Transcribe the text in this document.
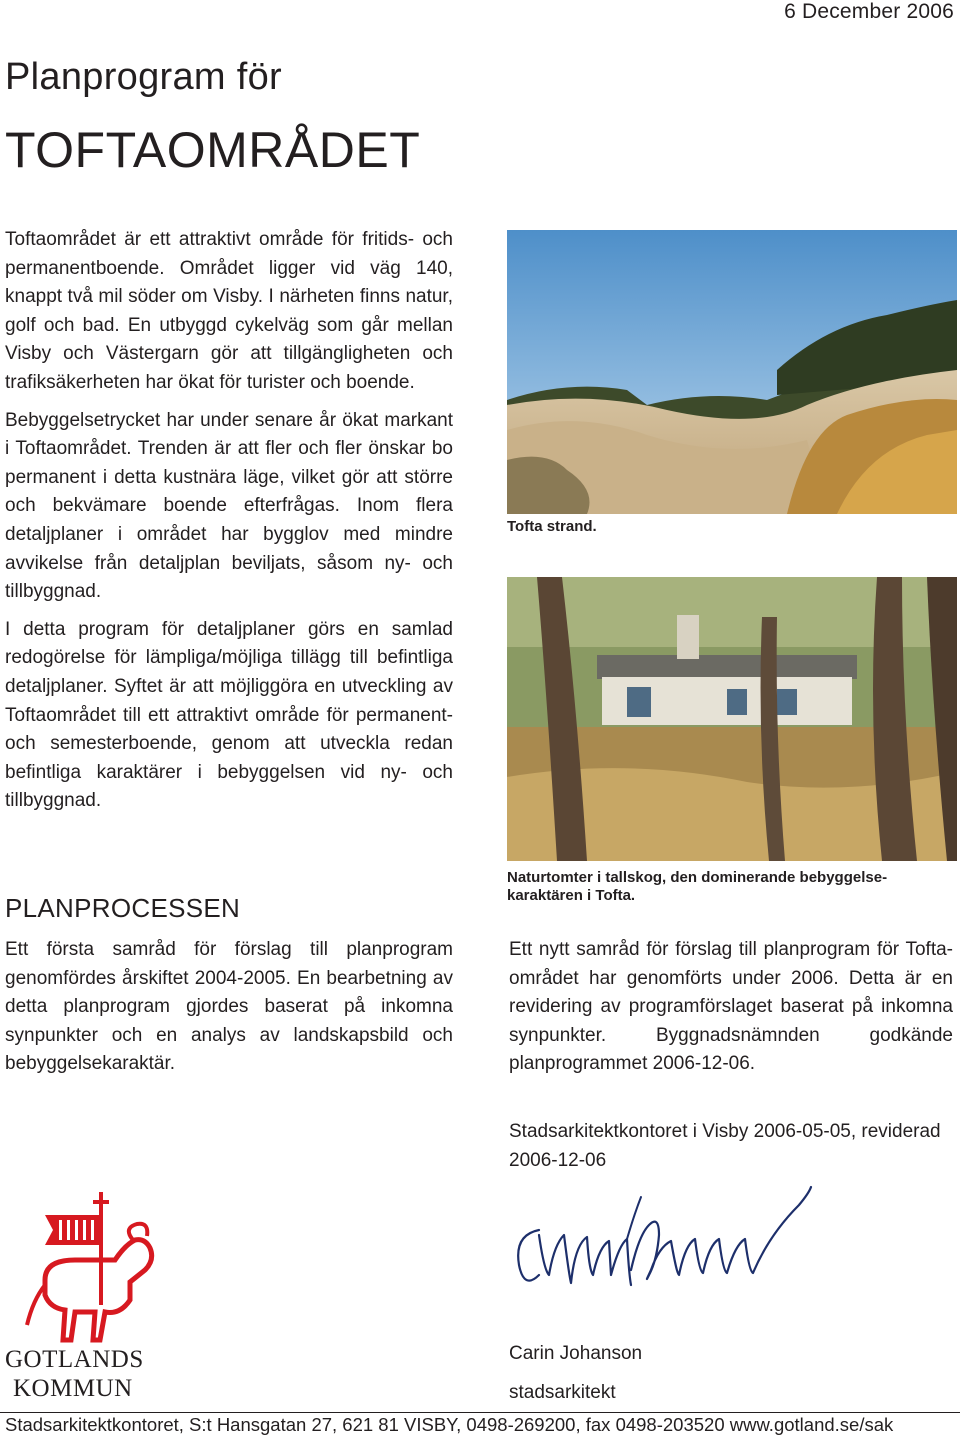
6 December 2006
Planprogram för
TOFTAOMRÅDET

Toftaområdet är ett attraktivt område för fritids- och permanentboende. Området ligger vid väg 140, knappt två mil söder om Visby. I närheten finns natur, golf och bad. En utbyggd cykelväg som går mellan Visby och Västergarn gör att tillgängligheten och trafiksäkerheten har ökat för turister och boende.

Bebyggelsetrycket har under senare år ökat markant i Toftaområdet. Trenden är att fler och fler önskar bo permanent i detta kustnära läge, vilket gör att större och bekvämare boende efterfrågas. Inom flera detaljplaner i området har bygglov med mindre avvikelse från detaljplan beviljats, såsom ny- och tillbyggnad.

I detta program för detaljplaner görs en samlad redogörelse för lämpliga/möjliga tillägg till befintliga detaljplaner. Syftet är att möjliggöra en utveckling av Toftaområdet till ett attraktivt område för permanent- och semesterboende, genom att utveckla redan befintliga karaktärer i bebyggelsen vid ny- och tillbyggnad.

PLANPROCESSEN

Ett första samråd för förslag till planprogram genomfördes årskiftet 2004-2005. En bearbetning av detta planprogram gjordes baserat på inkomna synpunkter och en analys av landskapsbild och bebyggelsekaraktär.

Tofta strand.
Naturtomter i tallskog, den dominerande bebyggelse-karaktären i Tofta.

Ett nytt samråd för förslag till planprogram för Tofta-området har genomförts under 2006. Detta är en revidering av programförslaget baserat på inkomna synpunkter. Byggnadsnämnden godkände planprogrammet 2006-12-06.

Stadsarkitektkontoret i Visby 2006-05-05, reviderad 2006-12-06

Carin Johanson
stadsarkitekt
GOTLANDS
KOMMUN
Stadsarkitektkontoret, S:t Hansgatan 27, 621 81 VISBY, 0498-269200, fax 0498-203520 www.gotland.se/sak
